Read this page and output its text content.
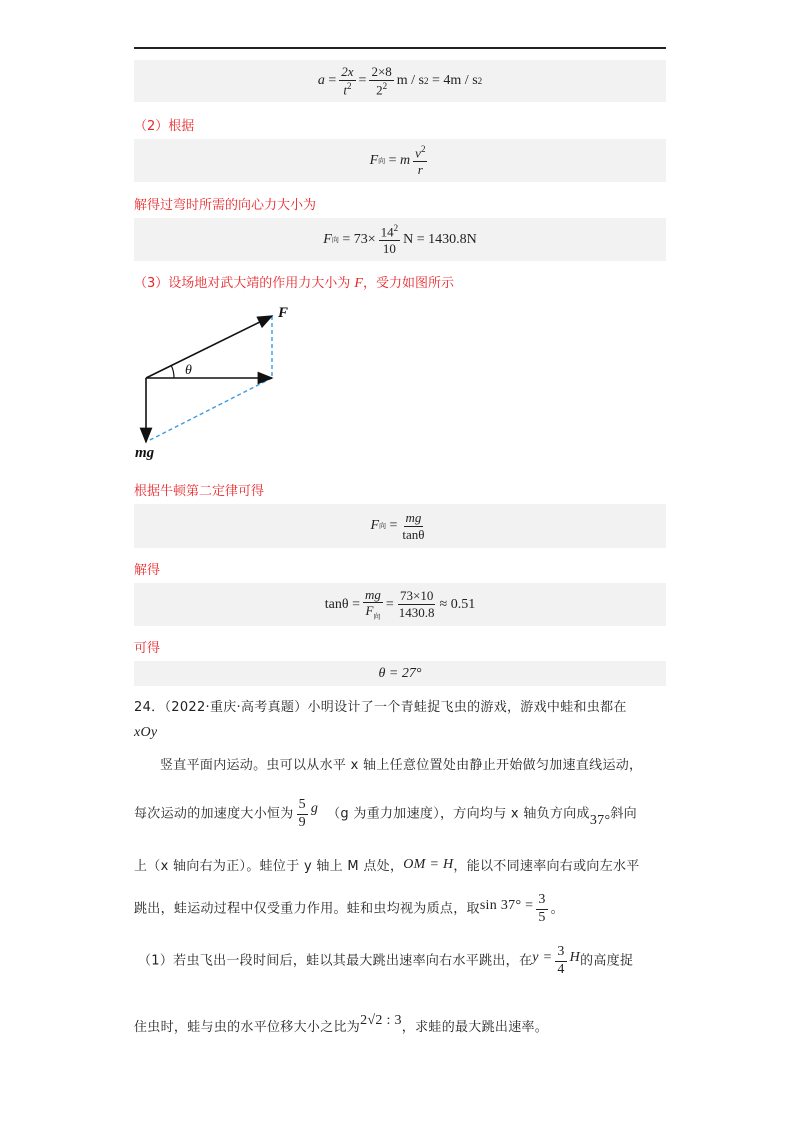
a
= $\frac{2x}{t^2} = \frac{2\times 8}{2^2}$ m / s 2
= 4m / s 2
（2）根据
F 向
=
m $\frac{v^2}{r}$
解得过弯时所需的向心力大小为
F 向
= $73\times \frac{14^2}{10}$ N = 1430.8N
（3）设场地对武大靖的作用力大小为 F，受力如图所示
F
θ
mg
根据牛顿第二定律可得
F 向
= $\frac{mg}{\tan\theta}$
解得
$\tan\theta = \frac{mg}{F_向} = \frac{73\times 10}{1430.8} \approx 0.51$
可得
θ = 27°
24．（2022·重庆·高考真题）小明设计了一个青蛙捉飞虫的游戏，游戏中蛙和虫都在
xOy

竖直平面内运动。虫可以从水平 x 轴上任意位置处由静止开始做匀加速直线运动，
每次运动的加速度大小恒为 $\frac{5}{9}$ g （g 为重力加速度），方向均与 x 轴负方向成37°斜向
上（x 轴向右为正）。蛙位于 y 轴上 M 点处，OM = H，能以不同速率向右或向左水平
跳出，蛙运动过程中仅受重力作用。蛙和虫均视为质点，取$\sin 37^\circ = \frac{3}{5}$ 。
（1）若虫飞出一段时间后，蛙以其最大跳出速率向右水平跳出，在$y = \frac{3}{4}$ H的高度捉
住虫时，蛙与虫的水平位移大小之比为2√2 : 3，求蛙的最大跳出速率。
